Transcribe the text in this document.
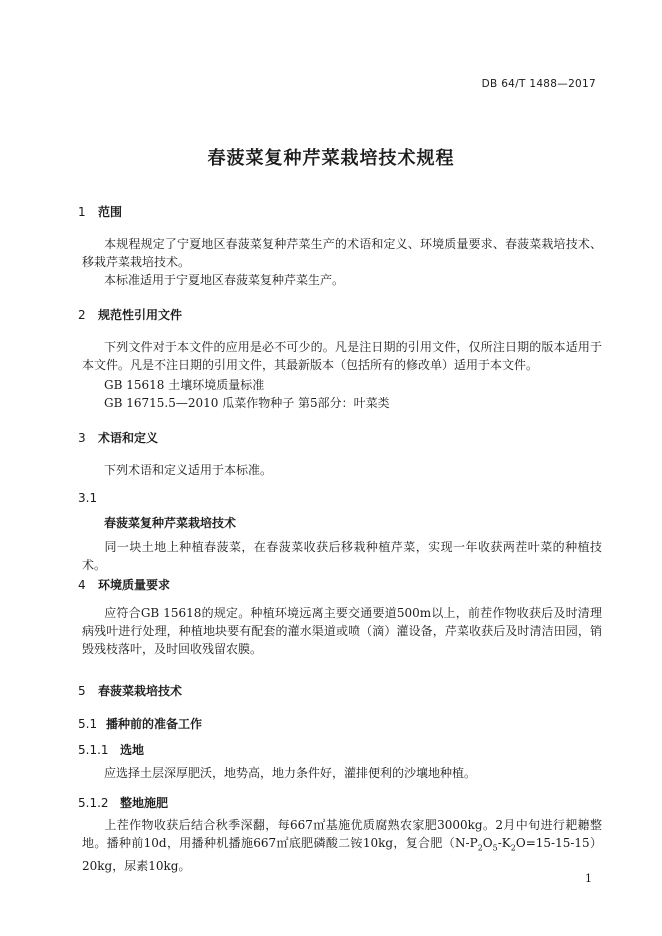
DB 64/T 1488—2017
春菠菜复种芹菜栽培技术规程
1 范围
本规程规定了宁夏地区春菠菜复种芹菜生产的术语和定义、环境质量要求、春菠菜栽培技术、移栽芹菜栽培技术。
本标准适用于宁夏地区春菠菜复种芹菜生产。
2 规范性引用文件
下列文件对于本文件的应用是必不可少的。凡是注日期的引用文件，仅所注日期的版本适用于本文件。凡是不注日期的引用文件，其最新版本（包括所有的修改单）适用于本文件。
GB 15618 土壤环境质量标准
GB 16715.5—2010 瓜菜作物种子 第5部分：叶菜类
3 术语和定义
下列术语和定义适用于本标准。
3.1
春菠菜复种芹菜栽培技术
同一块土地上种植春菠菜，在春菠菜收获后移栽种植芹菜，实现一年收获两茬叶菜的种植技术。
4 环境质量要求
应符合GB 15618的规定。种植环境远离主要交通要道500m以上，前茬作物收获后及时清理病残叶进行处理，种植地块要有配套的灌水渠道或喷（滴）灌设备，芹菜收获后及时清洁田园，销毁残枝落叶，及时回收残留农膜。
5 春菠菜栽培技术
5.1 播种前的准备工作
5.1.1 选地
应选择土层深厚肥沃，地势高，地力条件好，灌排便利的沙壤地种植。
5.1.2 整地施肥
上茬作物收获后结合秋季深翻，每667㎡基施优质腐熟农家肥3000kg。2月中旬进行耙耱整地。播种前10d，用播种机播施667㎡底肥磷酸二铵10kg，复合肥$(N-P_2O_5-K_2O=15-15-15)20kg$，尿素10kg。
1
